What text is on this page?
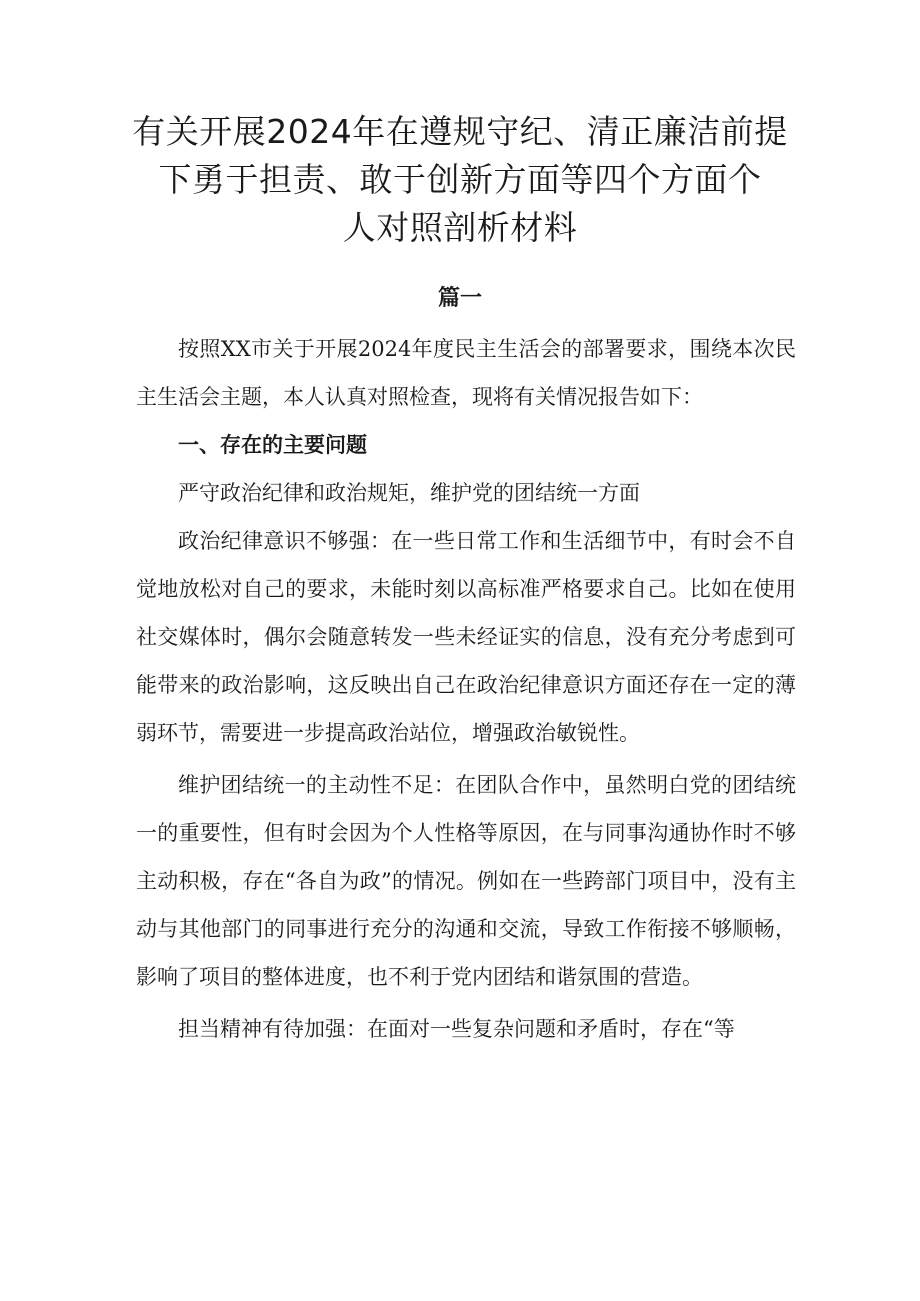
有关开展2024年在遵规守纪、清正廉洁前提
下勇于担责、敢于创新方面等四个方面个
人对照剖析材料
篇一

按照XX市关于开展2024年度民主生活会的部署要求，围绕本次民主生活会主题，本人认真对照检查，现将有关情况报告如下：

一、存在的主要问题

严守政治纪律和政治规矩，维护党的团结统一方面

政治纪律意识不够强：在一些日常工作和生活细节中，有时会不自觉地放松对自己的要求，未能时刻以高标准严格要求自己。比如在使用社交媒体时，偶尔会随意转发一些未经证实的信息，没有充分考虑到可能带来的政治影响，这反映出自己在政治纪律意识方面还存在一定的薄弱环节，需要进一步提高政治站位，增强政治敏锐性。

维护团结统一的主动性不足：在团队合作中，虽然明白党的团结统一的重要性，但有时会因为个人性格等原因，在与同事沟通协作时不够主动积极，存在“各自为政”的情况。例如在一些跨部门项目中，没有主动与其他部门的同事进行充分的沟通和交流，导致工作衔接不够顺畅，影响了项目的整体进度，也不利于党内团结和谐氛围的营造。

担当精神有待加强：在面对一些复杂问题和矛盾时，存在“等
